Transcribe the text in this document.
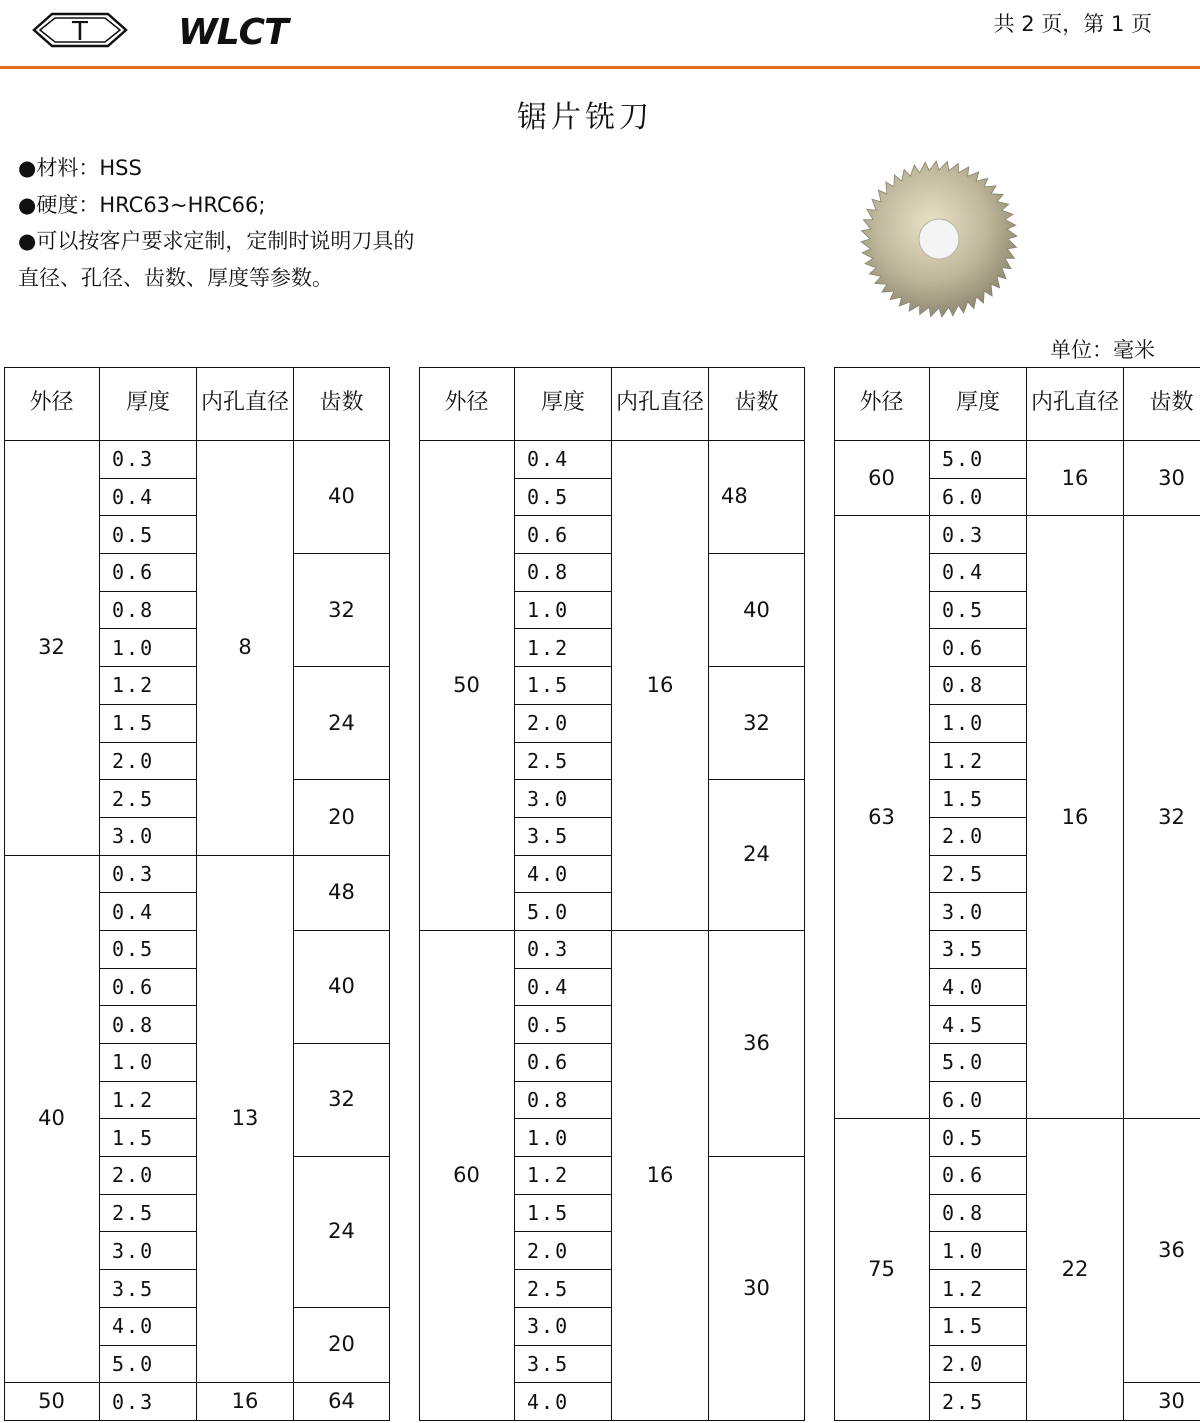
T	WLCT	共 2 页，第 1 页
锯片铣刀
●材料：HSS
●硬度：HRC63~HRC66;
●可以按客户要求定制，定制时说明刀具的
直径、孔径、齿数、厚度等参数。
单位：毫米
外径 厚度 内孔 直径 齿数
32
40
50
0.3
0.4
0.5
0.6
0.8
1.0
1.2
1.5
2.0
2.5
3.0
0.3
0.4
0.5
0.6
0.8
1.0
1.2
1.5
2.0
2.5
3.0
3.5
4.0
5.0
0.3
8
13
16
40
32
24
20
48
40
32
24
20
64
外径 厚度 内孔 直径 齿数
50
60
0.4
0.5
0.6
0.8
1.0
1.2
1.5
2.0
2.5
3.0
3.5
4.0
5.0
0.3
0.4
0.5
0.6
0.8
1.0
1.2
1.5
2.0
2.5
3.0
3.5
4.0
16
16
48
40
32
24
36
30
外径 厚度 内孔 直径 齿数
60
63
75
5.0
6.0
0.3
0.4
0.5
0.6
0.8
1.0
1.2
1.5
2.0
2.5
3.0
3.5
4.0
4.5
5.0
6.0
0.5
0.6
0.8
1.0
1.2
1.5
2.0
2.5
16
16
22
30
32
36
30
